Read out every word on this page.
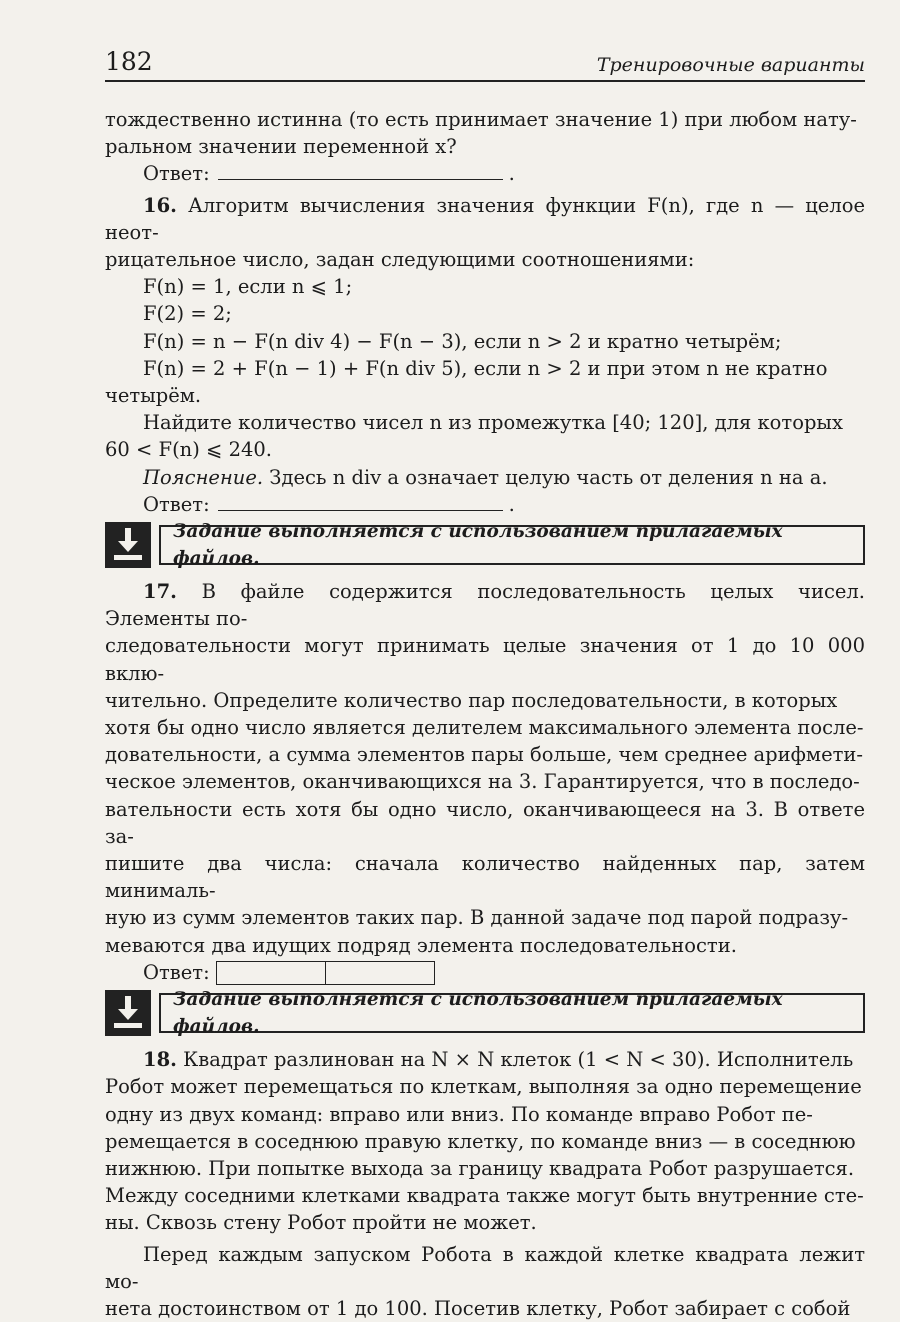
182	Тренировочные варианты

тождественно истинна (то есть принимает значение 1) при любом нату-

ральном значении переменной x?

Ответ:	.

16. Алгоритм вычисления значения функции F(n), где n — целое неот-

рицательное число, задан следующими соотношениями:

F(n) = 1, если n ⩽ 1;

F(2) = 2;

F(n) = n − F(n div 4) − F(n − 3), если n > 2 и кратно четырём;

F(n) = 2 + F(n − 1) + F(n div 5), если n > 2 и при этом n не кратно

четырём.

Найдите количество чисел n из промежутка [40; 120], для которых

60 < F(n) ⩽ 240.

Пояснение. Здесь n div a означает целую часть от деления n на a.

Ответ:	.

Задание выполняется с использованием прилагаемых файлов.

17. В файле содержится последовательность целых чисел. Элементы по-

следовательности могут принимать целые значения от 1 до 10 000 вклю-

чительно. Определите количество пар последовательности, в которых

хотя бы одно число является делителем максимального элемента после-

довательности, а сумма элементов пары больше, чем среднее арифмети-

ческое элементов, оканчивающихся на 3. Гарантируется, что в последо-

вательности есть хотя бы одно число, оканчивающееся на 3. В ответе за-

пишите два числа: сначала количество найденных пар, затем минималь-

ную из сумм элементов таких пар. В данной задаче под парой подразу-

меваются два идущих подряд элемента последовательности.

Ответ:

Задание выполняется с использованием прилагаемых файлов.

18. Квадрат разлинован на N × N клеток (1 < N < 30). Исполнитель

Робот может перемещаться по клеткам, выполняя за одно перемещение

одну из двух команд: вправо или вниз. По команде вправо Робот пе-

ремещается в соседнюю правую клетку, по команде вниз — в соседнюю

нижнюю. При попытке выхода за границу квадрата Робот разрушается.

Между соседними клетками квадрата также могут быть внутренние сте-

ны. Сквозь стену Робот пройти не может.

Перед каждым запуском Робота в каждой клетке квадрата лежит мо-

нета достоинством от 1 до 100. Посетив клетку, Робот забирает с собой
